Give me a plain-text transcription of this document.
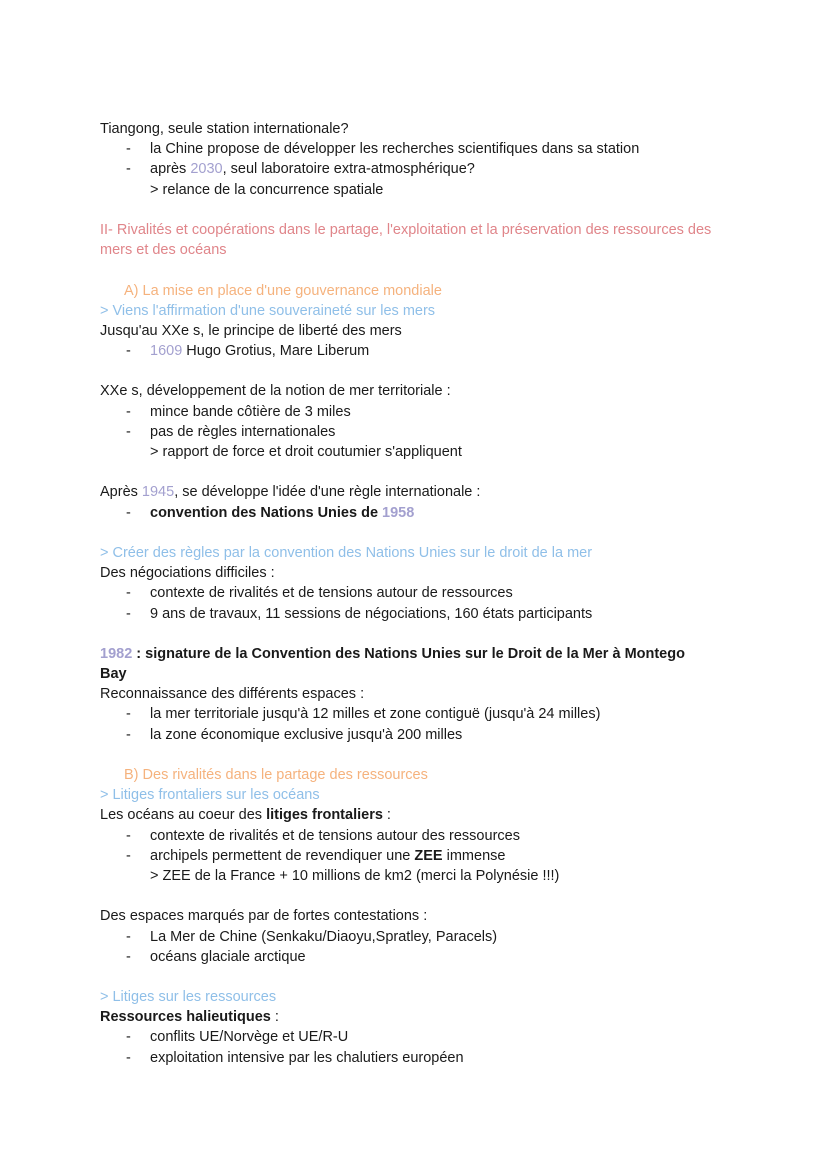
Tiangong, seule station internationale?
- la Chine propose de développer les recherches scientifiques dans sa station
- après 2030, seul laboratoire extra-atmosphérique?
> relance de la concurrence spatiale
II- Rivalités et coopérations dans le partage, l'exploitation et la préservation des ressources des mers et des océans
A) La mise en place d'une gouvernance mondiale
> Viens l'affirmation d'une souveraineté sur les mers
Jusqu'au XXe s, le principe de liberté des mers
- 1609 Hugo Grotius, Mare Liberum
XXe s, développement de la notion de mer territoriale :
- mince bande côtière de 3 miles
- pas de règles internationales
> rapport de force et droit coutumier s'appliquent
Après 1945, se développe l'idée d'une règle internationale :
- convention des Nations Unies de 1958
> Créer des règles par la convention des Nations Unies sur le droit de la mer
Des négociations difficiles :
- contexte de rivalités et de tensions autour de ressources
- 9 ans de travaux, 11 sessions de négociations, 160 états participants
1982 : signature de la Convention des Nations Unies sur le Droit de la Mer à Montego
Bay
Reconnaissance des différents espaces :
- la mer territoriale jusqu'à 12 milles et zone contiguë (jusqu'à 24 milles)
- la zone économique exclusive jusqu'à 200 milles
B) Des rivalités dans le partage des ressources
> Litiges frontaliers sur les océans
Les océans au coeur des litiges frontaliers :
- contexte de rivalités et de tensions autour des ressources
- archipels permettent de revendiquer une ZEE immense
> ZEE de la France + 10 millions de km2 (merci la Polynésie !!!)
Des espaces marqués par de fortes contestations :
- La Mer de Chine (Senkaku/Diaoyu,Spratley, Paracels)
- océans glaciale arctique
> Litiges sur les ressources
Ressources halieutiques :
- conflits UE/Norvège et UE/R-U
- exploitation intensive par les chalutiers européen
